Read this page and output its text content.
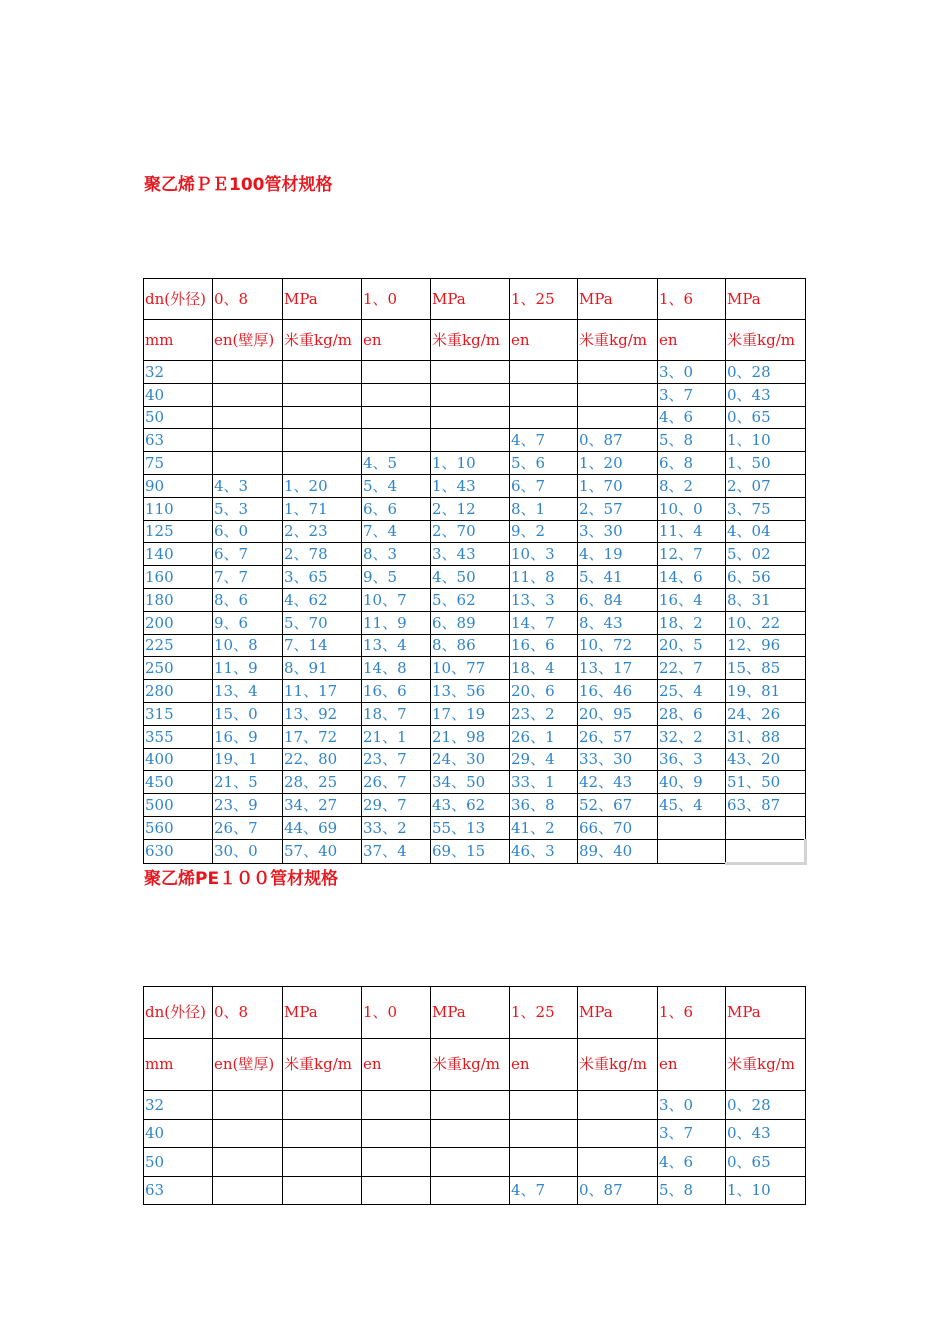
聚乙烯ＰＥ100管材规格
dn(外径)	0、8	MPa	1、0	MPa	1、25	MPa	1、6	MPa
mm	en(壁厚)	米重kg/m	en	米重kg/m	en	米重kg/m	en	米重kg/m
32							3、0	0、28
40							3、7	0、43
50							4、6	0、65
63					4、7	0、87	5、8	1、10
75			4、5	1、10	5、6	1、20	6、8	1、50
90	4、3	1、20	5、4	1、43	6、7	1、70	8、2	2、07
110	5、3	1、71	6、6	2、12	8、1	2、57	10、0	3、75
125	6、0	2、23	7、4	2、70	9、2	3、30	11、4	4、04
140	6、7	2、78	8、3	3、43	10、3	4、19	12、7	5、02
160	7、7	3、65	9、5	4、50	11、8	5、41	14、6	6、56
180	8、6	4、62	10、7	5、62	13、3	6、84	16、4	8、31
200	9、6	5、70	11、9	6、89	14、7	8、43	18、2	10、22
225	10、8	7、14	13、4	8、86	16、6	10、72	20、5	12、96
250	11、9	8、91	14、8	10、77	18、4	13、17	22、7	15、85
280	13、4	11、17	16、6	13、56	20、6	16、46	25、4	19、81
315	15、0	13、92	18、7	17、19	23、2	20、95	28、6	24、26
355	16、9	17、72	21、1	21、98	26、1	26、57	32、2	31、88
400	19、1	22、80	23、7	24、30	29、4	33、30	36、3	43、20
450	21、5	28、25	26、7	34、50	33、1	42、43	40、9	51、50
500	23、9	34、27	29、7	43、62	36、8	52、67	45、4	63、87
560	26、7	44、69	33、2	55、13	41、2	66、70		
630	30、0	57、40	37、4	69、15	46、3	89、40		
聚乙烯PE１００管材规格
dn(外径)	0、8	MPa	1、0	MPa	1、25	MPa	1、6	MPa
mm	en(壁厚)	米重kg/m	en	米重kg/m	en	米重kg/m	en	米重kg/m
32							3、0	0、28
40							3、7	0、43
50							4、6	0、65
63					4、7	0、87	5、8	1、10
